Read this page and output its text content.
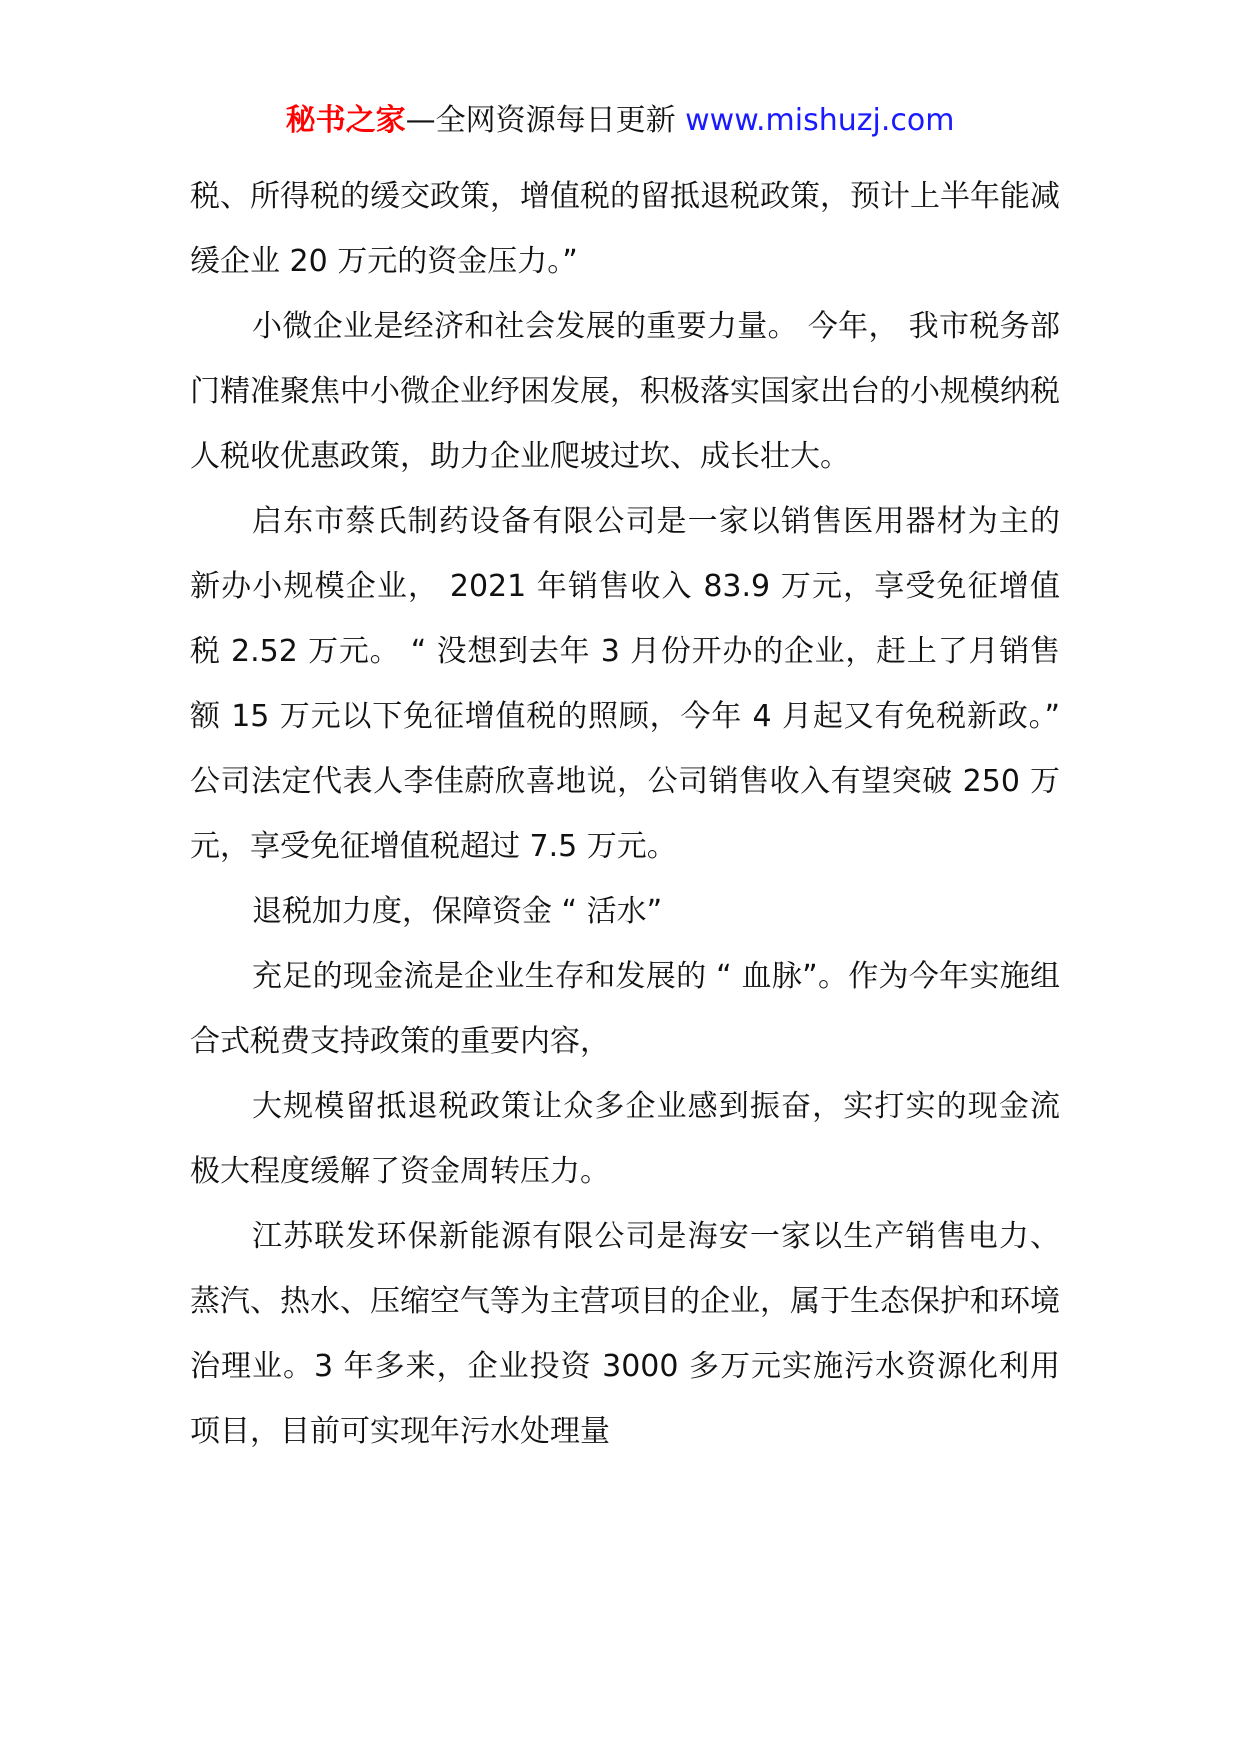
秘书之家—全网资源每日更新 www.mishuzj.com

税、所得税的缓交政策，增值税的留抵退税政策，预计上半年能减缓企业 20 万元的资金压力。”

小微企业是经济和社会发展的重要力量。 今年， 我市税务部门精准聚焦中小微企业纾困发展，积极落实国家出台的小规模纳税人税收优惠政策，助力企业爬坡过坎、成长壮大。

启东市蔡氏制药设备有限公司是一家以销售医用器材为主的新办小规模企业， 2021 年销售收入 83.9 万元，享受免征增值税 2.52 万元。 “ 没想到去年 3 月份开办的企业，赶上了月销售额 15 万元以下免征增值税的照顾，今年 4 月起又有免税新政。” 公司法定代表人李佳蔚欣喜地说，公司销售收入有望突破 250 万元，享受免征增值税超过 7.5 万元。

退税加力度，保障资金 “ 活水”

充足的现金流是企业生存和发展的 “ 血脉”。作为今年实施组合式税费支持政策的重要内容，

大规模留抵退税政策让众多企业感到振奋，实打实的现金流极大程度缓解了资金周转压力。

江苏联发环保新能源有限公司是海安一家以生产销售电力、蒸汽、热水、压缩空气等为主营项目的企业，属于生态保护和环境治理业。3 年多来，企业投资 3000 多万元实施污水资源化利用项目，目前可实现年污水处理量
